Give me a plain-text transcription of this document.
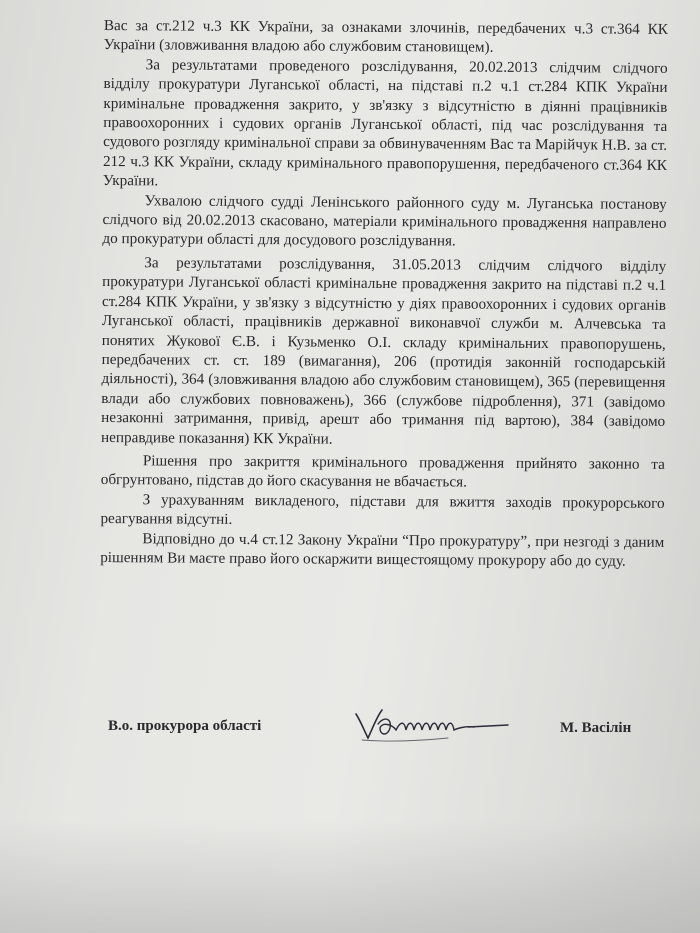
Вас за ст.212 ч.3 КК України, за ознаками злочинів, передбачених ч.3 ст.364 КК України (зловживання владою або службовим становищем).

За результатами проведеного розслідування, 20.02.2013 слідчим слідчого відділу прокуратури Луганської області, на підставі п.2 ч.1 ст.284 КПК України кримінальне провадження закрито, у зв'язку з відсутністю в діянні працівників правоохоронних і судових органів Луганської області, під час розслідування та судового розгляду кримінальної справи за обвинуваченням Вас та Марійчук Н.В. за ст. 212 ч.3 КК України, складу кримінального правопорушення, передбаченого ст.364 КК України.

Ухвалою слідчого судді Ленінського районного суду м. Луганська постанову слідчого від 20.02.2013 скасовано, матеріали кримінального провадження направлено до прокуратури області для досудового розслідування.

За результатами розслідування, 31.05.2013 слідчим слідчого відділу прокуратури Луганської області кримінальне провадження закрито на підставі п.2 ч.1 ст.284 КПК України, у зв'язку з відсутністю у діях правоохоронних і судових органів Луганської області, працівників державної виконавчої служби м. Алчевська та понятих Жукової Є.В. і Кузьменко О.І. складу кримінальних правопорушень, передбачених ст. ст. 189 (вимагання), 206 (протидія законній господарській діяльності), 364 (зловживання владою або службовим становищем), 365 (перевищення влади або службових повноважень), 366 (службове підроблення), 371 (завідомо незаконні затримання, привід, арешт або тримання під вартою), 384 (завідомо неправдиве показання) КК України.

Рішення про закриття кримінального провадження прийнято законно та обгрунтовано, підстав до його скасування не вбачається.

З урахуванням викладеного, підстави для вжиття заходів прокурорського реагування відсутні.

Відповідно до ч.4 ст.12 Закону України “Про прокуратуру”, при незгоді з даним рішенням Ви маєте право його оскаржити вищестоящому прокурору або до суду.

В.о. прокурора області	М. Васілін
